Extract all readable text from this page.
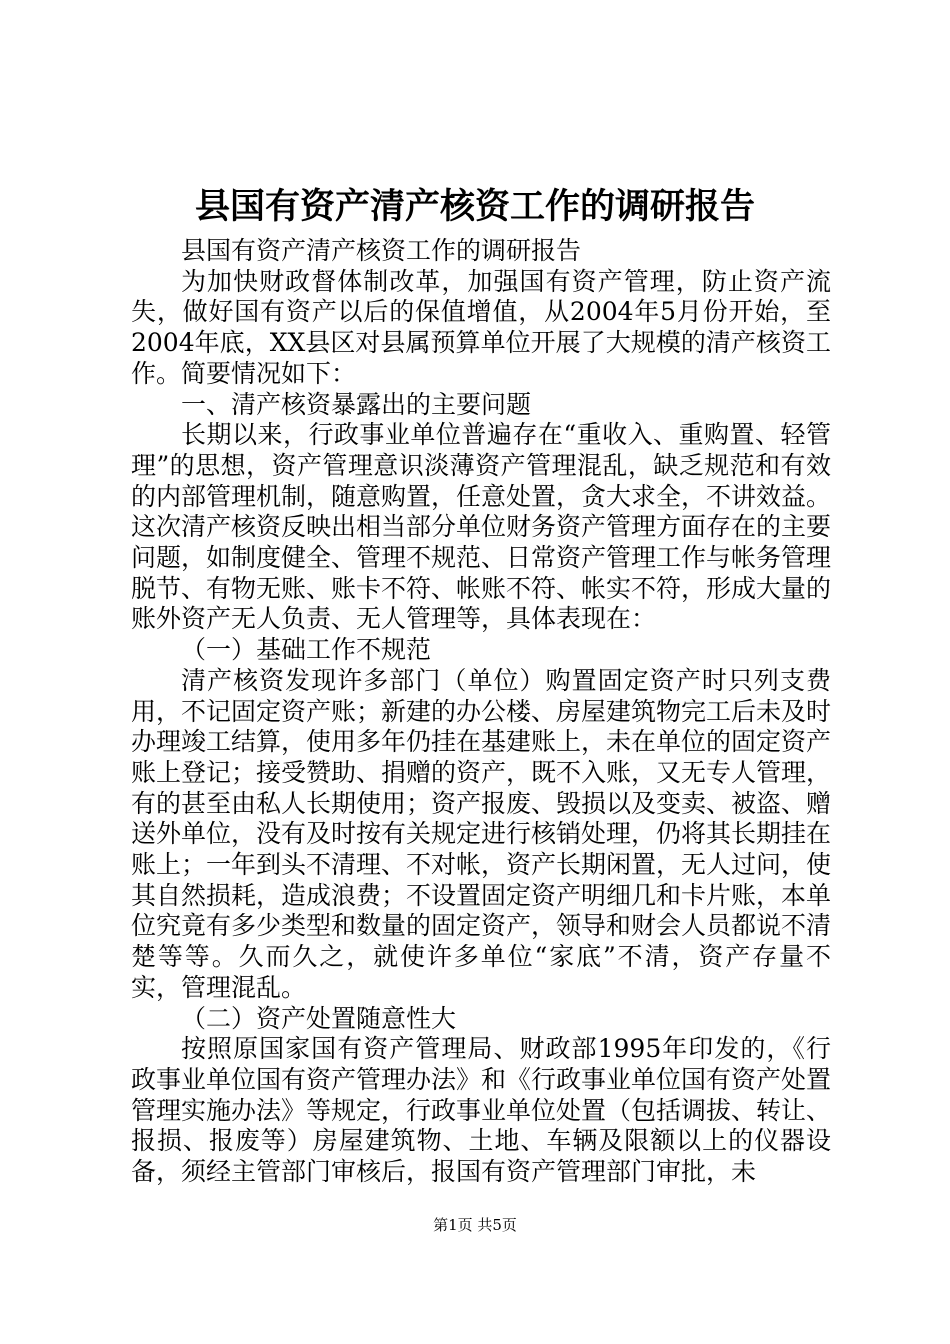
县国有资产清产核资工作的调研报告

县国有资产清产核资工作的调研报告

为加快财政督体制改革，加强国有资产管理，防止资产流失，做好国有资产以后的保值增值，从2004年5月份开始，至2004年底，XX县区对县属预算单位开展了大规模的清产核资工作。简要情况如下：

一、清产核资暴露出的主要问题

长期以来，行政事业单位普遍存在“重收入、重购置、轻管理”的思想，资产管理意识淡薄资产管理混乱，缺乏规范和有效的内部管理机制，随意购置，任意处置，贪大求全，不讲效益。这次清产核资反映出相当部分单位财务资产管理方面存在的主要问题，如制度健全、管理不规范、日常资产管理工作与帐务管理脱节、有物无账、账卡不符、帐账不符、帐实不符，形成大量的账外资产无人负责、无人管理等，具体表现在：

（一）基础工作不规范

清产核资发现许多部门（单位）购置固定资产时只列支费用，不记固定资产账；新建的办公楼、房屋建筑物完工后未及时办理竣工结算，使用多年仍挂在基建账上，未在单位的固定资产账上登记；接受赞助、捐赠的资产，既不入账，又无专人管理，有的甚至由私人长期使用；资产报废、毁损以及变卖、被盗、赠送外单位，没有及时按有关规定进行核销处理，仍将其长期挂在账上；一年到头不清理、不对帐，资产长期闲置，无人过问，使其自然损耗，造成浪费；不设置固定资产明细几和卡片账，本单位究竟有多少类型和数量的固定资产，领导和财会人员都说不清楚等等。久而久之，就使许多单位“家底”不清，资产存量不实，管理混乱。

（二）资产处置随意性大

按照原国家国有资产管理局、财政部1995年印发的，《行政事业单位国有资产管理办法》和《行政事业单位国有资产处置管理实施办法》等规定，行政事业单位处置（包括调拔、转让、报损、报废等）房屋建筑物、土地、车辆及限额以上的仪器设备，须经主管部门审核后，报国有资产管理部门审批，未

第1页 共5页
